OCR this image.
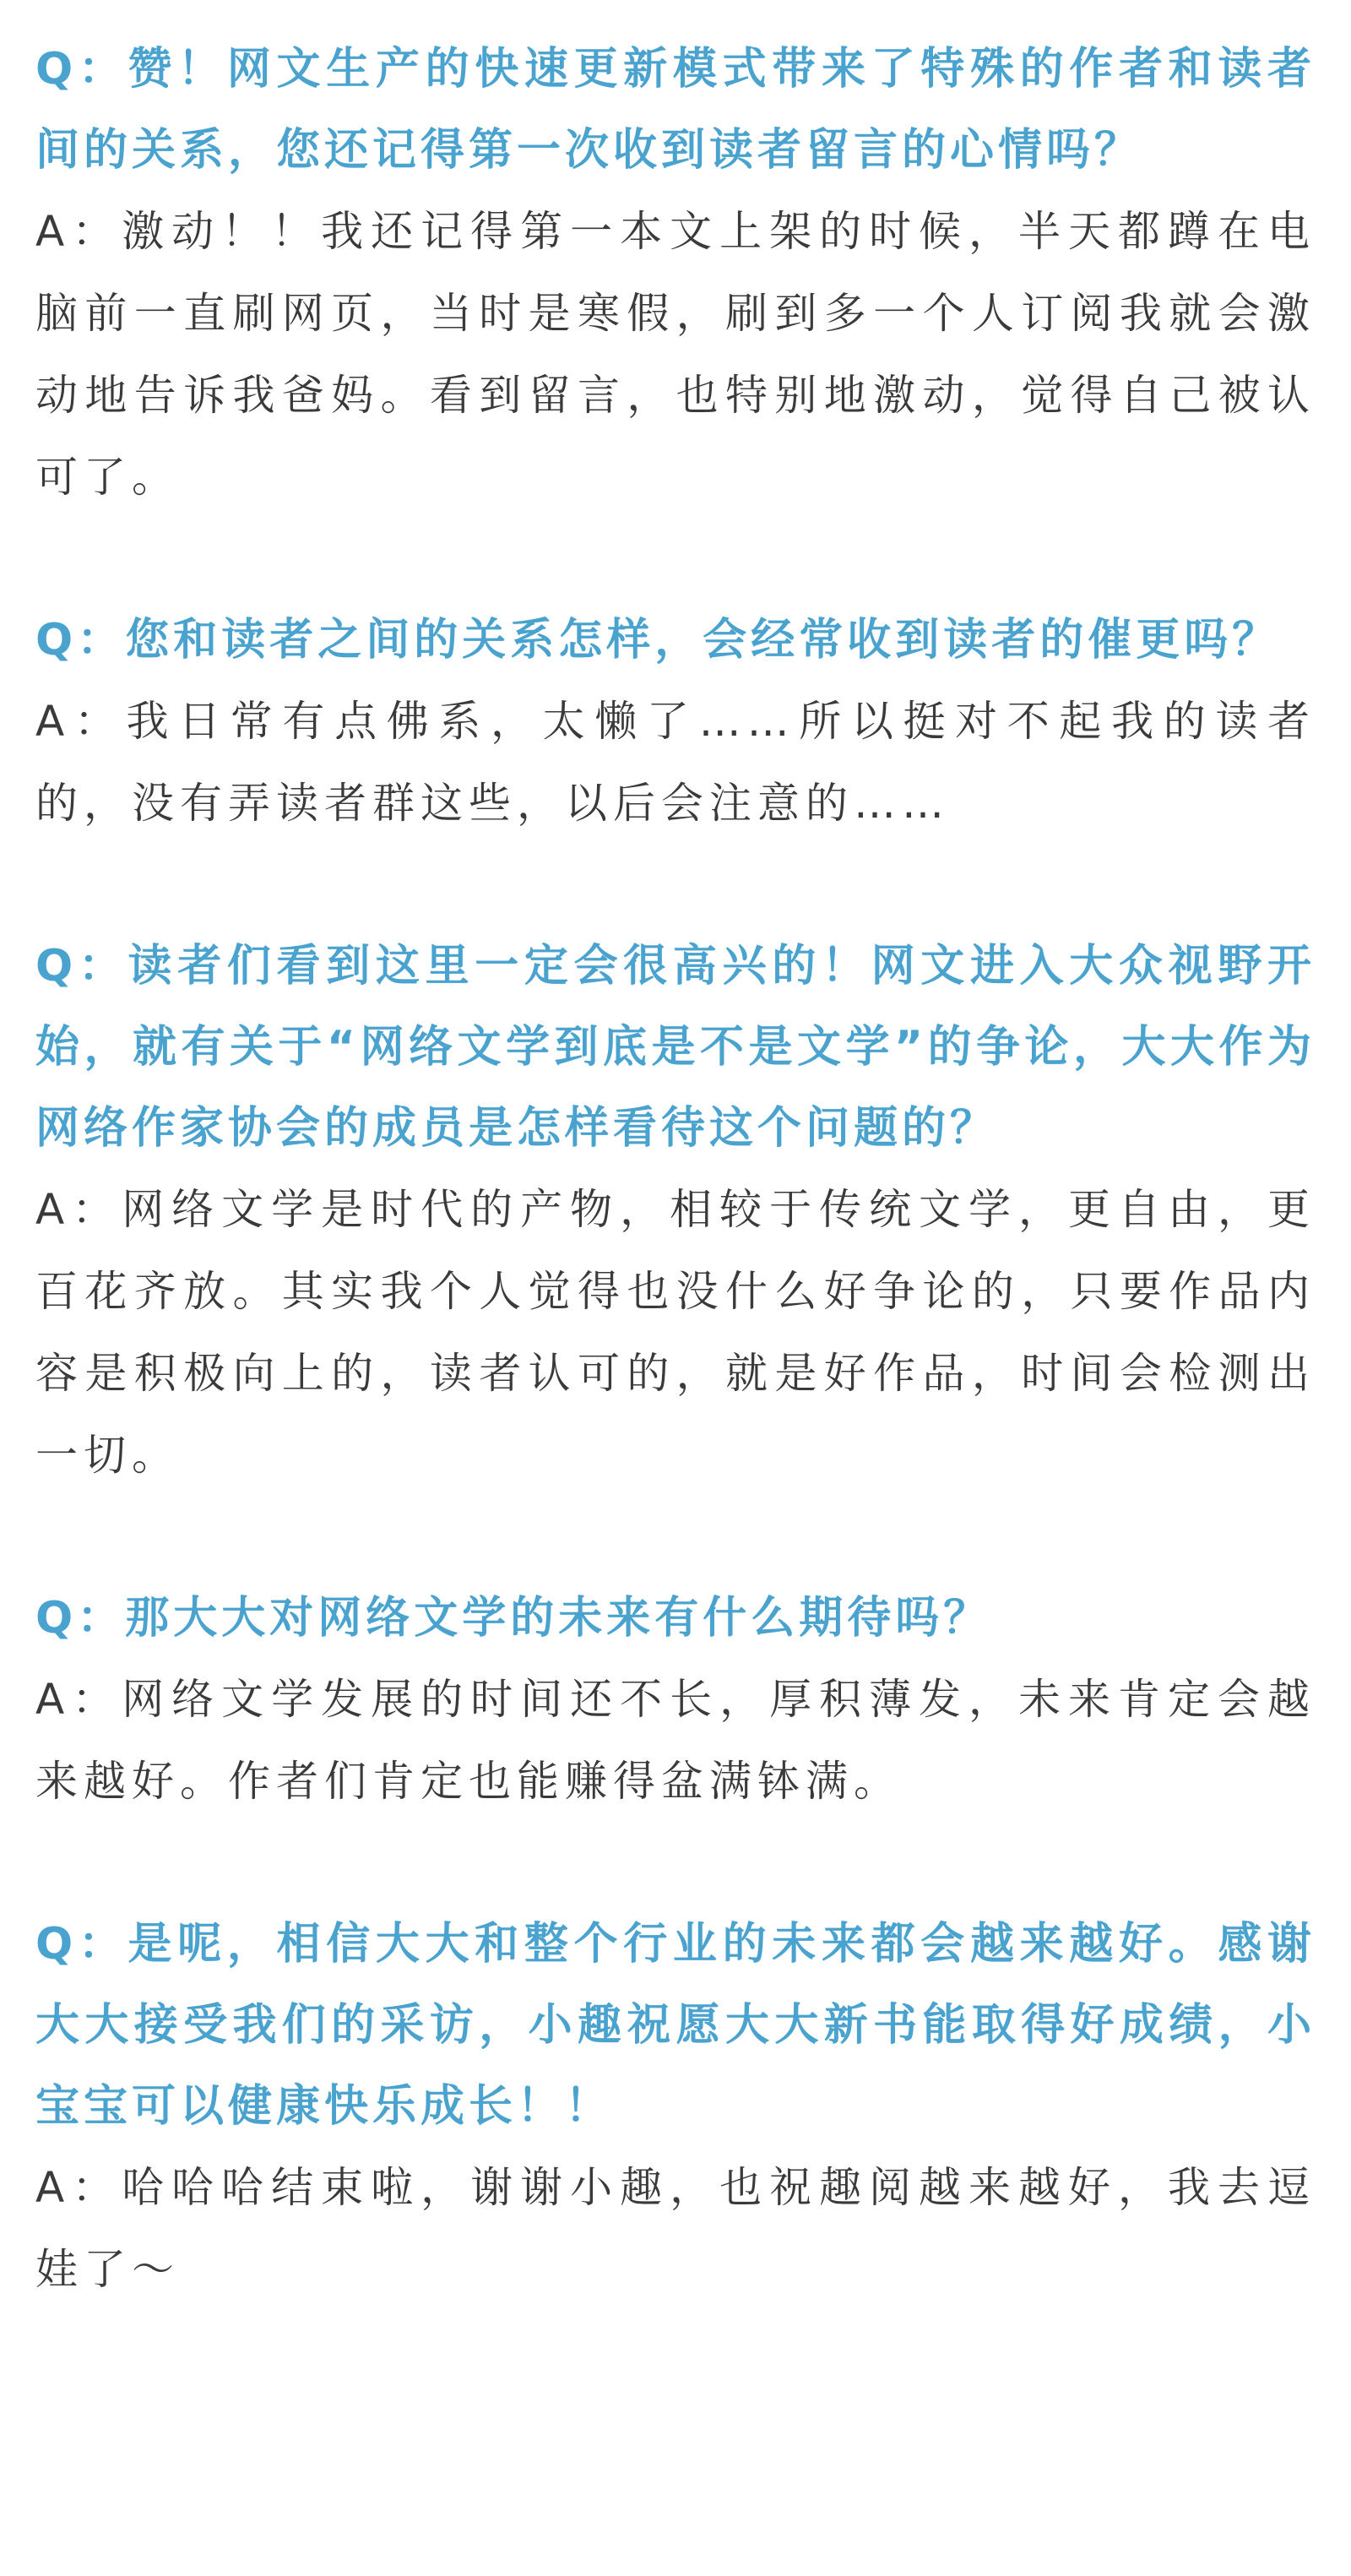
Q：赞！网文生产的快速更新模式带来了特殊的作者和读者间的关系，您还记得第一次收到读者留言的心情吗？

A：激动！！我还记得第一本文上架的时候，半天都蹲在电脑前一直刷网页，当时是寒假，刷到多一个人订阅我就会激动地告诉我爸妈。看到留言，也特别地激动，觉得自己被认可了。

Q：您和读者之间的关系怎样，会经常收到读者的催更吗？

A：我日常有点佛系，太懒了……所以挺对不起我的读者的，没有弄读者群这些，以后会注意的……

Q：读者们看到这里一定会很高兴的！网文进入大众视野开始，就有关于“网络文学到底是不是文学”的争论，大大作为网络作家协会的成员是怎样看待这个问题的？

A：网络文学是时代的产物，相较于传统文学，更自由，更百花齐放。其实我个人觉得也没什么好争论的，只要作品内容是积极向上的，读者认可的，就是好作品，时间会检测出一切。

Q：那大大对网络文学的未来有什么期待吗？

A：网络文学发展的时间还不长，厚积薄发，未来肯定会越来越好。作者们肯定也能赚得盆满钵满。

Q：是呢，相信大大和整个行业的未来都会越来越好。感谢大大接受我们的采访，小趣祝愿大大新书能取得好成绩，小宝宝可以健康快乐成长！！

A：哈哈哈结束啦，谢谢小趣，也祝趣阅越来越好，我去逗娃了～
